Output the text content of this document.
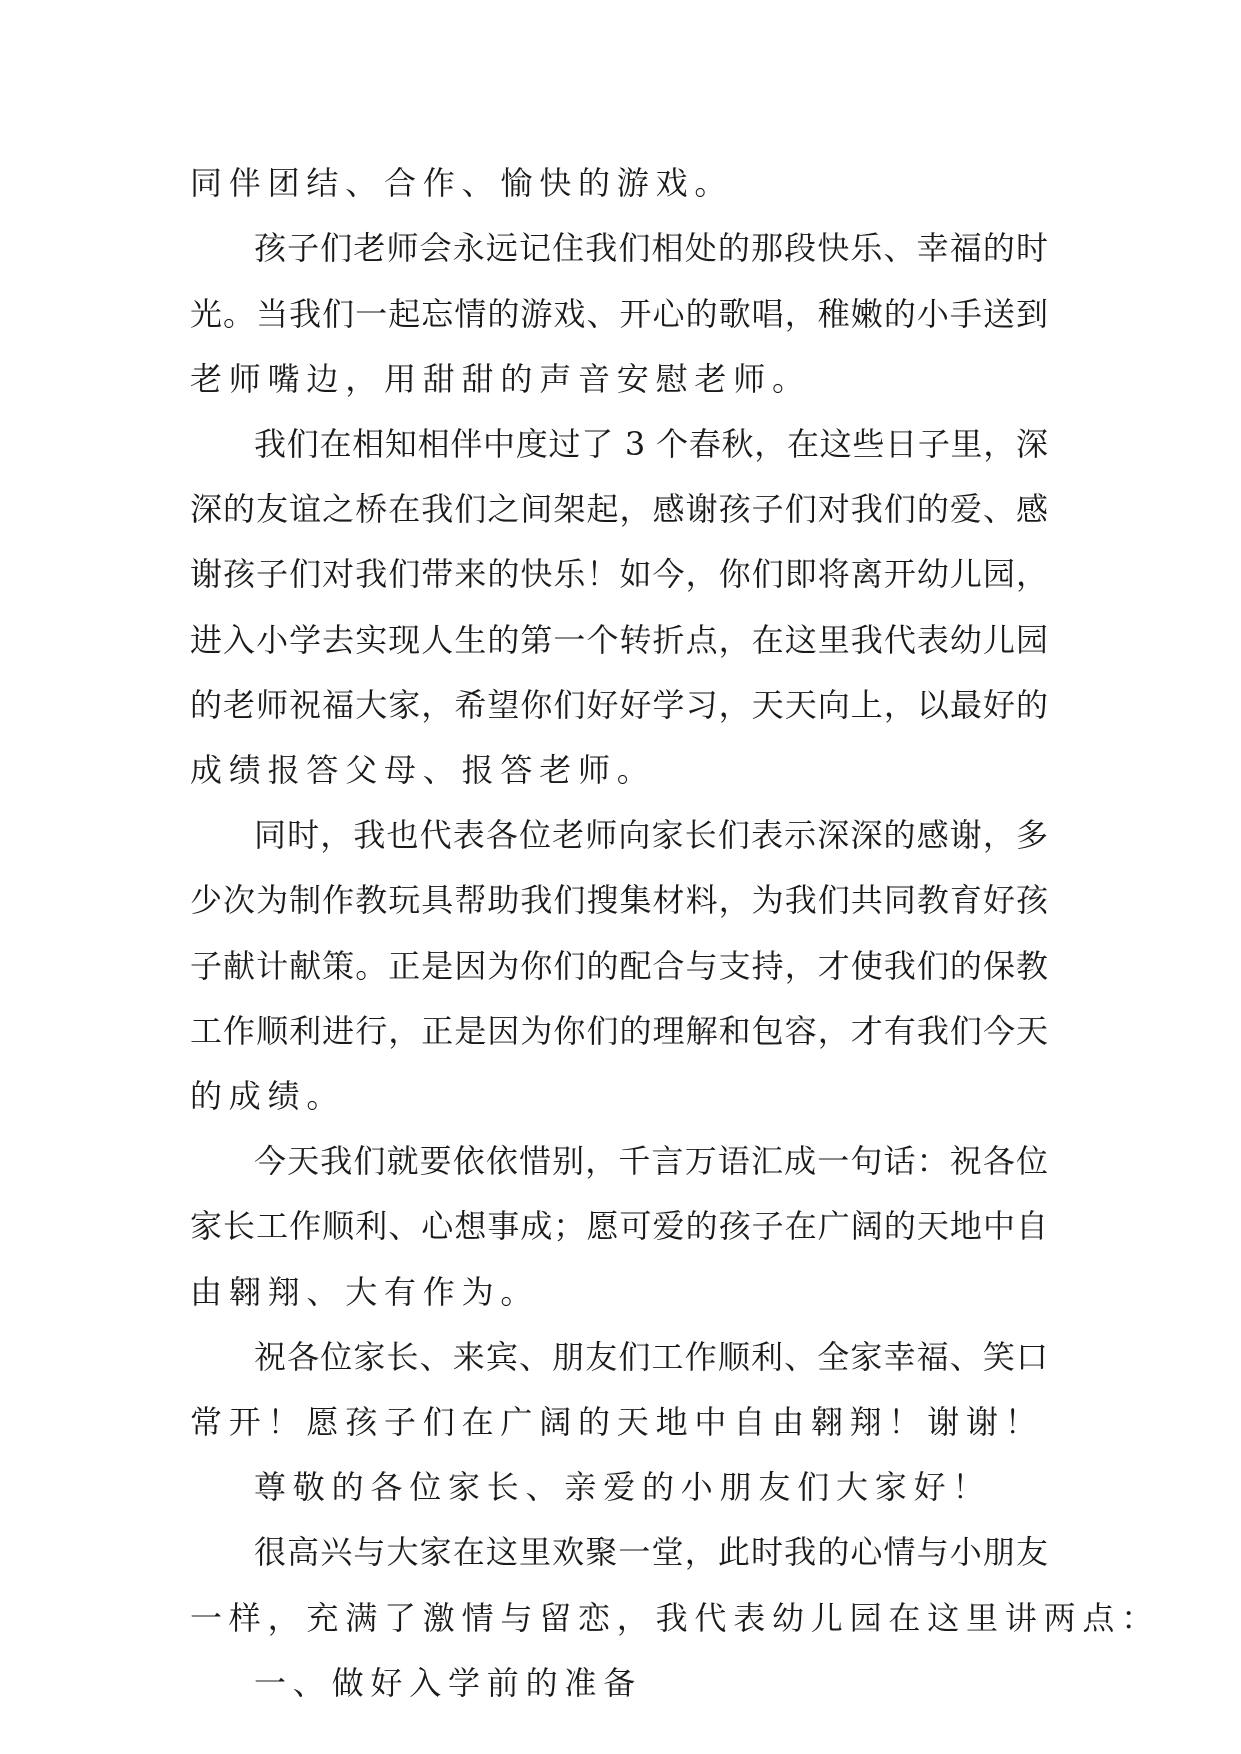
同伴团结、合作、愉快的游戏。
孩子们老师会永远记住我们相处的那段快乐、幸福的时
光。当我们一起忘情的游戏、开心的歌唱，稚嫩的小手送到
老师嘴边，用甜甜的声音安慰老师。
我们在相知相伴中度过了 3 个春秋，在这些日子里，深
深的友谊之桥在我们之间架起，感谢孩子们对我们的爱、感
谢孩子们对我们带来的快乐！如今，你们即将离开幼儿园，
进入小学去实现人生的第一个转折点，在这里我代表幼儿园
的老师祝福大家，希望你们好好学习，天天向上，以最好的
成绩报答父母、报答老师。
同时，我也代表各位老师向家长们表示深深的感谢，多
少次为制作教玩具帮助我们搜集材料，为我们共同教育好孩
子献计献策。正是因为你们的配合与支持，才使我们的保教
工作顺利进行，正是因为你们的理解和包容，才有我们今天
的成绩。
今天我们就要依依惜别，千言万语汇成一句话：祝各位
家长工作顺利、心想事成；愿可爱的孩子在广阔的天地中自
由翱翔、大有作为。
祝各位家长、来宾、朋友们工作顺利、全家幸福、笑口
常开！愿孩子们在广阔的天地中自由翱翔！谢谢！
尊敬的各位家长、亲爱的小朋友们大家好！
很高兴与大家在这里欢聚一堂，此时我的心情与小朋友
一样，充满了激情与留恋，我代表幼儿园在这里讲两点：
一、做好入学前的准备
